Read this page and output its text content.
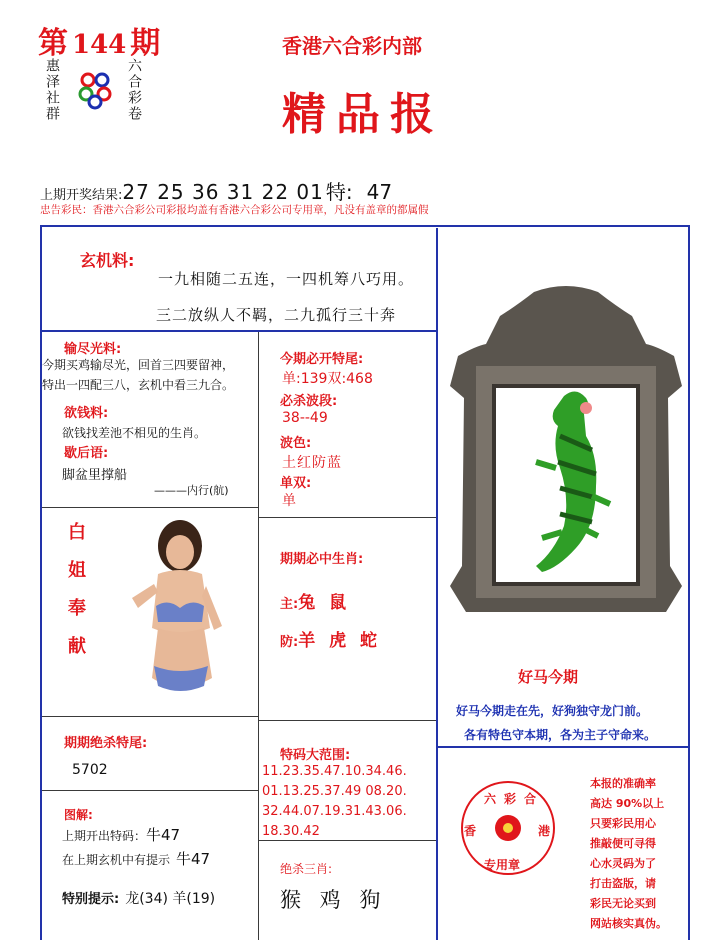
第 144 期
惠泽社群	六合彩卷
香港六合彩内部
精品报
上期开奖结果:27 25 36 31 22 01 特: 47
忠告彩民：香港六合彩公司彩报均盖有香港六合彩公司专用章，凡没有盖章的都属假
玄机料:
一九相随二五连，一四机筹八巧用。
三二放纵人不羁，二九孤行三十奔
输尽光料:
今期买鸡输尽光，回首三四要留神，
特出一四配三八，玄机中看三九合。
欲钱料:
欲钱找差池不相见的生肖。
歇后语:
脚盆里撑船
———内行(航)
今期必开特尾:
单:139双:468
必杀波段:
38--49
波色:
土红防蓝
单双:
单
白姐奉献	期期必中生肖:
主:兔 鼠
防:羊 虎 蛇
好马今期
好马今期走在先，好狗独守龙门前。
各有特色守本期，各为主子守命来。
期期绝杀特尾:
5702
特码大范围:
11.23.35.47.10.34.46.
01.13.25.37.49 08.20.
32.44.07.19.31.43.06.
18.30.42
六彩合
香	港
专用章
本报的准确率
高达 90%以上
只要彩民用心
推敲便可寻得
心水灵码为了
打击盗版，请
彩民无论买到
网站核实真伪。
图解:
上期开出特码：牛47
在上期玄机中有提示 牛47
特别提示: 龙(34) 羊(19)
绝杀三肖:
猴 鸡 狗
